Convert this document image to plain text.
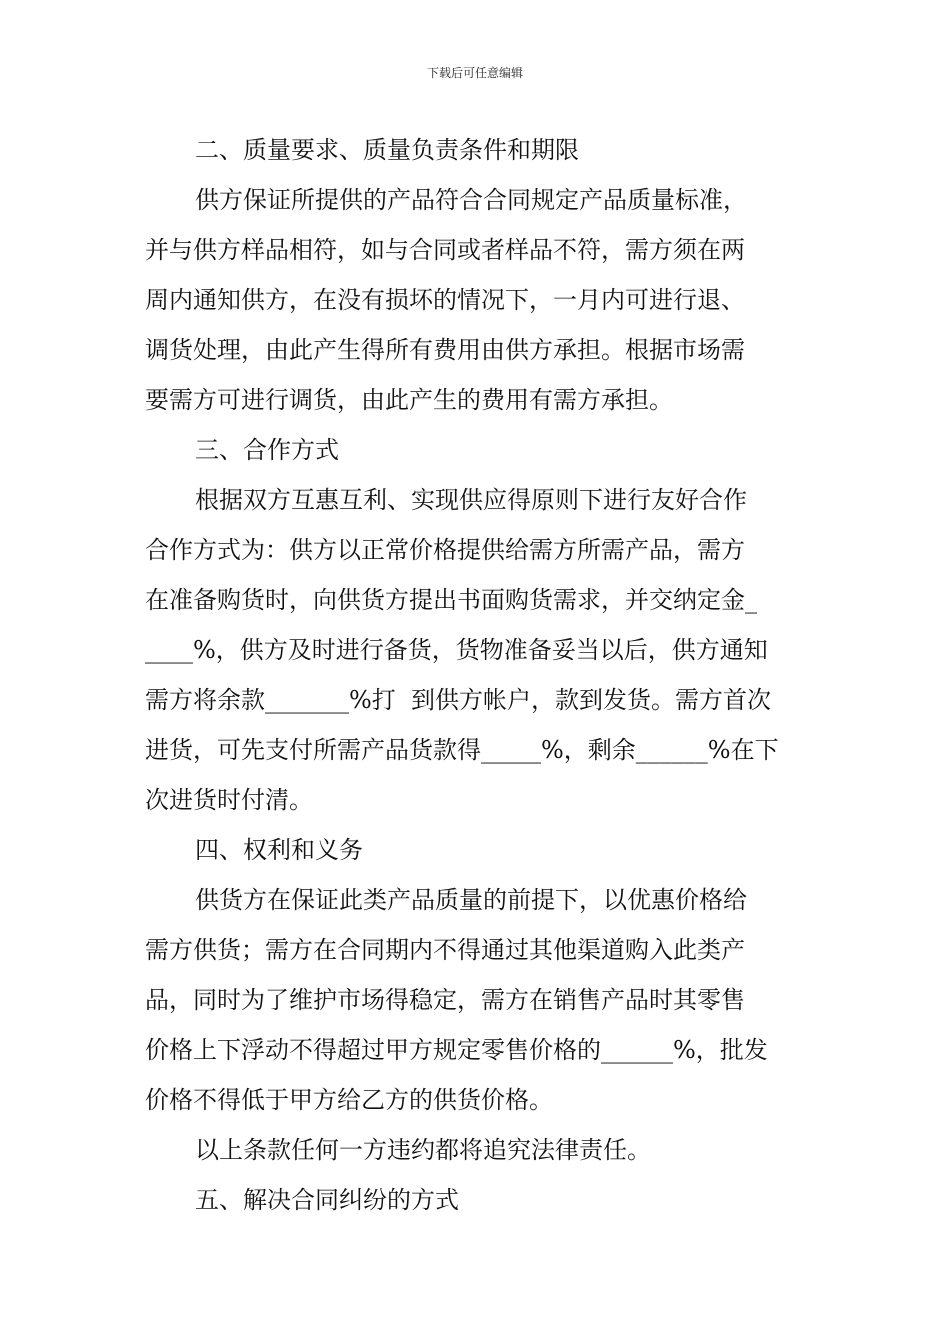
下载后可任意编辑
二、质量要求、质量负责条件和期限
供方保证所提供的产品符合合同规定产品质量标准，
并与供方样品相符，如与合同或者样品不符，需方须在两
周内通知供方，在没有损坏的情况下，一月内可进行退、
调货处理，由此产生得所有费用由供方承担。根据市场需
要需方可进行调货，由此产生的费用有需方承担。
三、合作方式
根据双方互惠互利、实现供应得原则下进行友好合作
合作方式为：供方以正常价格提供给需方所需产品，需方
在准备购货时，向供货方提出书面购货需求，并交纳定金_
____%，供方及时进行备货，货物准备妥当以后，供方通知
需方将余款_______%打  到供方帐户，款到发货。需方首次
进货，可先支付所需产品货款得_____%，剩余______%在下
次进货时付清。
四、权利和义务
供货方在保证此类产品质量的前提下，以优惠价格给
需方供货；需方在合同期内不得通过其他渠道购入此类产
品，同时为了维护市场得稳定，需方在销售产品时其零售
价格上下浮动不得超过甲方规定零售价格的______%，批发
价格不得低于甲方给乙方的供货价格。
以上条款任何一方违约都将追究法律责任。
五、解决合同纠纷的方式
